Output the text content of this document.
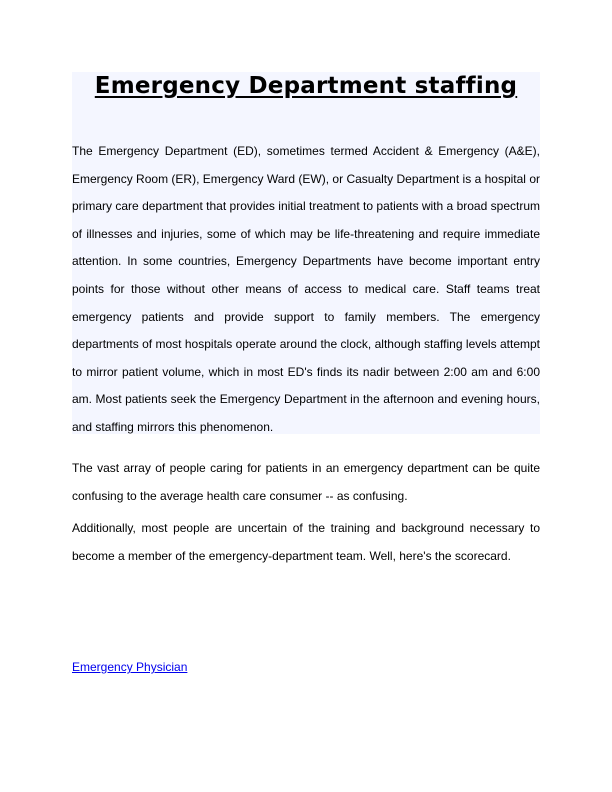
Emergency Department staffing

The Emergency Department (ED), sometimes termed Accident & Emergency (A&E), Emergency Room (ER), Emergency Ward (EW), or Casualty Department is a hospital or primary care department that provides initial treatment to patients with a broad spectrum of illnesses and injuries, some of which may be life-threatening and require immediate attention. In some countries, Emergency Departments have become important entry points for those without other means of access to medical care. Staff teams treat emergency patients and provide support to family members. The emergency departments of most hospitals operate around the clock, although staffing levels attempt to mirror patient volume, which in most ED's finds its nadir between 2:00 am and 6:00 am. Most patients seek the Emergency Department in the afternoon and evening hours, and staffing mirrors this phenomenon.

The vast array of people caring for patients in an emergency department can be quite confusing to the average health care consumer -- as confusing.

Additionally, most people are uncertain of the training and background necessary to become a member of the emergency-department team. Well, here's the scorecard.

Emergency Physician
